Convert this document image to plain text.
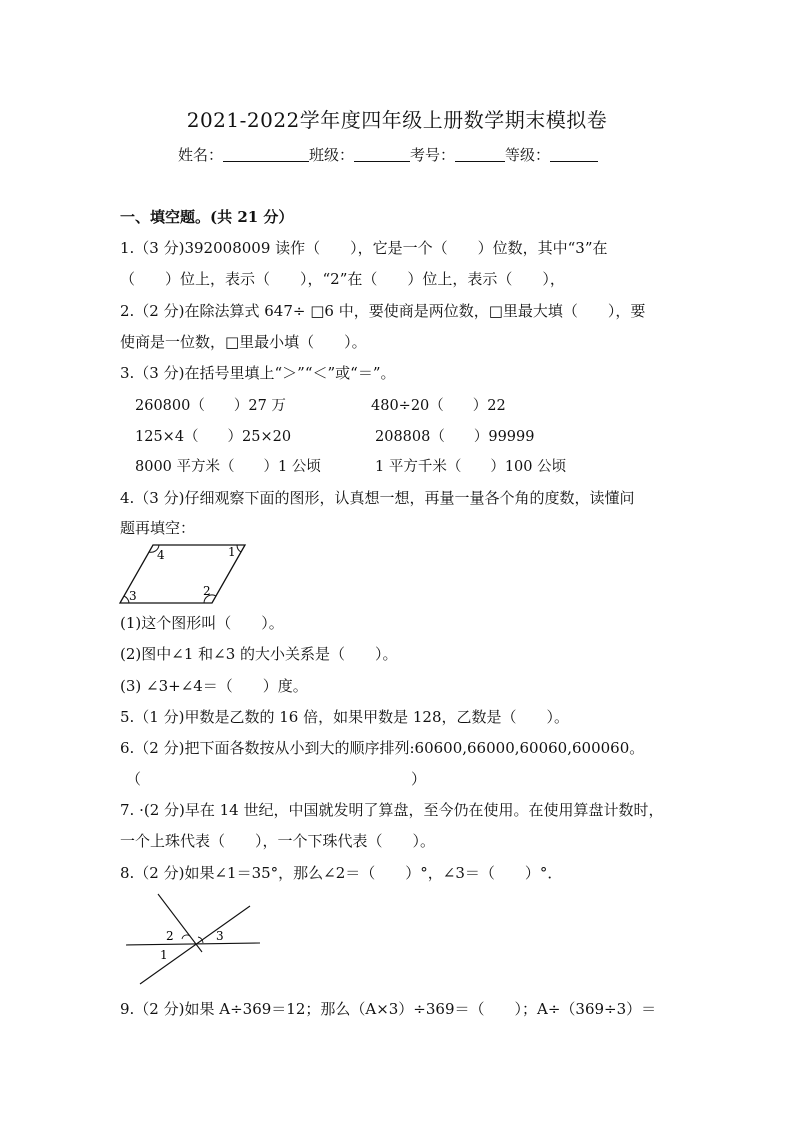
2021-2022学年度四年级上册数学期末模拟卷
姓名：	班级：	考号：	等级：
一、填空题。(共 21 分）
1.（3 分)392008009 读作（　　），它是一个（　　）位数，其中“3”在
（　　）位上，表示（　　），“2”在（　　）位上，表示（　　），
2.（2 分)在除法算式 647÷ □6 中，要使商是两位数，□里最大填（　　），要
使商是一位数，□里最小填（　　）。
3.（3 分)在括号里填上“＞”“＜”或“＝”。
260800（　　）27 万	480÷20（　　）22
125×4（　　）25×20	208808（　　）99999
8000 平方米（　　）1 公顷	1 平方千米（　　）100 公顷
4.（3 分)仔细观察下面的图形，认真想一想，再量一量各个角的度数，读懂问
题再填空：
4	1
2
3
(1)这个图形叫（　　）。
(2)图中∠1 和∠3 的大小关系是（　　）。
(3) ∠3+∠4＝（　　）度。
5.（1 分)甲数是乙数的 16 倍，如果甲数是 128，乙数是（　　）。
6.（2 分)把下面各数按从小到大的顺序排列:60600,66000,60060,600060。
（　　　　　　　　　　　　　　　　　　）
7. ·(2 分)早在 14 世纪，中国就发明了算盘，至今仍在使用。在使用算盘计数时，
一个上珠代表（　　），一个下珠代表（　　）。
8.（2 分)如果∠1＝35°，那么∠2＝（　　）°，∠3＝（　　）°．
2	3
1
9.（2 分)如果 A÷369＝12；那么（A×3）÷369＝（　　）；A÷（369÷3）＝
